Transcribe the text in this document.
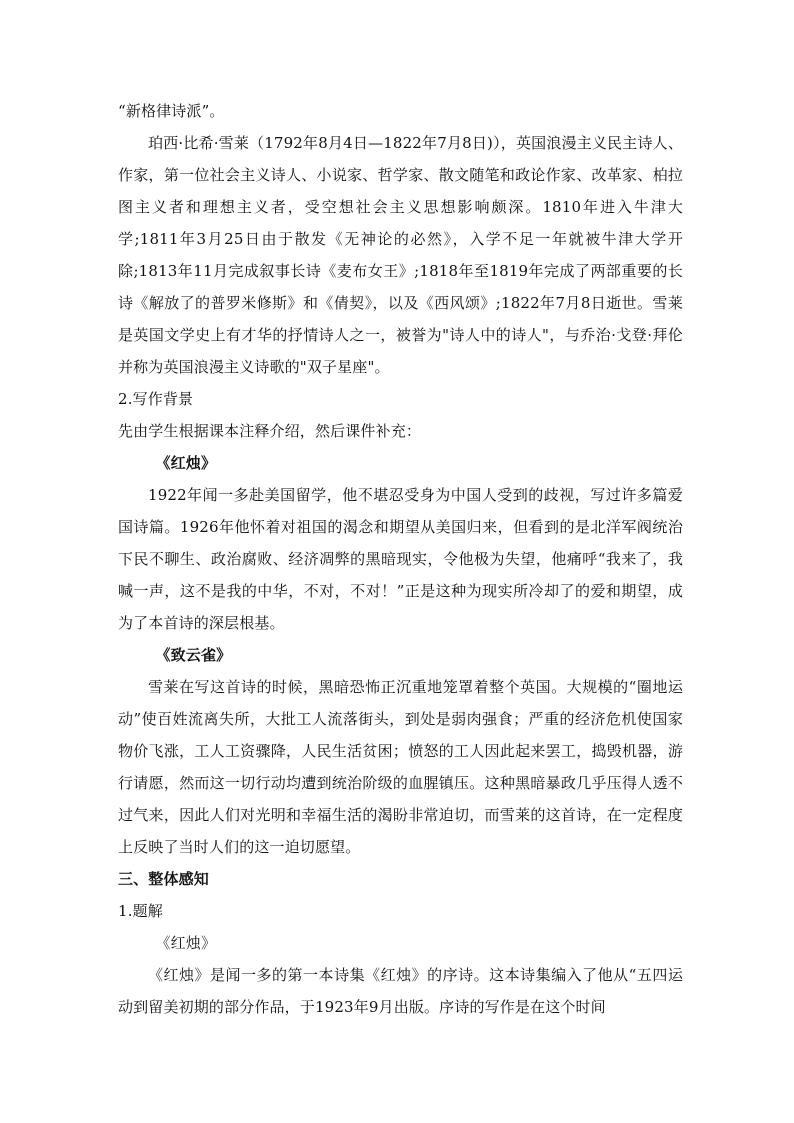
“新格律诗派”。

珀西·比希·雪莱（1792年8月4日—1822年7月8日)），英国浪漫主义民主诗人、作家，第一位社会主义诗人、小说家、哲学家、散文随笔和政论作家、改革家、柏拉图主义者和理想主义者，受空想社会主义思想影响颇深。1810年进入牛津大学;1811年3月25日由于散发《无神论的必然》，入学不足一年就被牛津大学开除;1813年11月完成叙事长诗《麦布女王》;1818年至1819年完成了两部重要的长诗《解放了的普罗米修斯》和《倩契》，以及《西风颂》;1822年7月8日逝世。雪莱是英国文学史上有才华的抒情诗人之一，被誉为"诗人中的诗人"，与乔治·戈登·拜伦并称为英国浪漫主义诗歌的"双子星座"。

2.写作背景

先由学生根据课本注释介绍，然后课件补充：

《红烛》

1922年闻一多赴美国留学，他不堪忍受身为中国人受到的歧视，写过许多篇爱国诗篇。1926年他怀着对祖国的渴念和期望从美国归来，但看到的是北洋军阀统治下民不聊生、政治腐败、经济凋弊的黑暗现实，令他极为失望，他痛呼“我来了，我喊一声，这不是我的中华，不对，不对！”正是这种为现实所冷却了的爱和期望，成为了本首诗的深层根基。

《致云雀》

雪莱在写这首诗的时候，黑暗恐怖正沉重地笼罩着整个英国。大规模的“圈地运动”使百姓流离失所，大批工人流落街头，到处是弱肉强食；严重的经济危机使国家物价飞涨，工人工资骤降，人民生活贫困；愤怒的工人因此起来罢工，捣毁机器，游行请愿，然而这一切行动均遭到统治阶级的血腥镇压。这种黑暗暴政几乎压得人透不过气来，因此人们对光明和幸福生活的渴盼非常迫切，而雪莱的这首诗，在一定程度上反映了当时人们的这一迫切愿望。

三、整体感知

1.题解

《红烛》

《红烛》是闻一多的第一本诗集《红烛》的序诗。这本诗集编入了他从“五四运动到留美初期的部分作品，于1923年9月出版。序诗的写作是在这个时间
